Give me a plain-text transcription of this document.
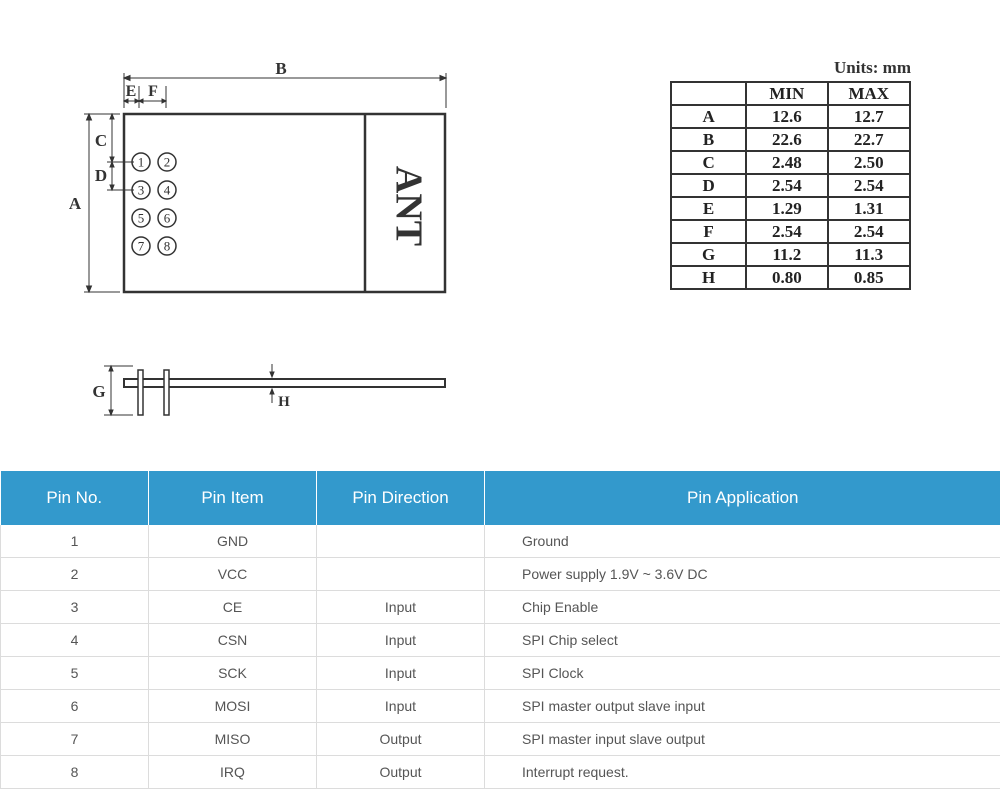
ANT
1 2
3 4
5 6
7 8
B
E F
A
C
D
G
H
Units: mm
	MIN	MAX
A	12.6	12.7
B	22.6	22.7
C	2.48	2.50
D	2.54	2.54
E	1.29	1.31
F	2.54	2.54
G	11.2	11.3
H	0.80	0.85
Pin No.	Pin Item	Pin Direction	Pin Application
1	GND		Ground
2	VCC		Power supply 1.9V ~ 3.6V DC
3	CE	Input	Chip Enable
4	CSN	Input	SPI Chip select
5	SCK	Input	SPI Clock
6	MOSI	Input	SPI master output slave input
7	MISO	Output	SPI master input slave output
8	IRQ	Output	Interrupt request.
